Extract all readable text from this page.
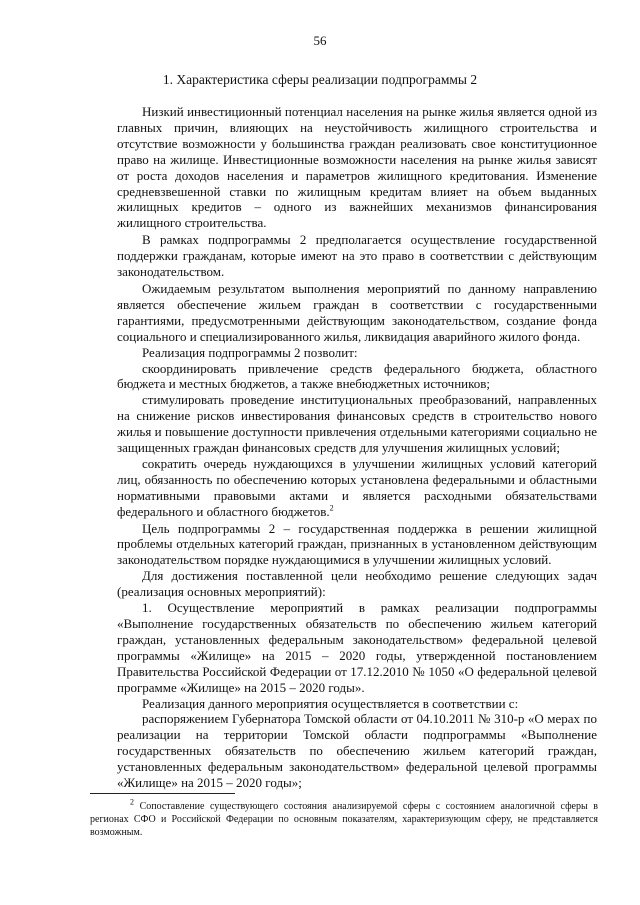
56
1. Характеристика сферы реализации подпрограммы 2

Низкий инвестиционный потенциал населения на рынке жилья является одной из главных причин, влияющих на неустойчивость жилищного строительства и отсутствие возможности у большинства граждан реализовать свое конституционное право на жилище. Инвестиционные возможности населения на рынке жилья зависят от роста доходов населения и параметров жилищного кредитования. Изменение средневзвешенной ставки по жилищным кредитам влияет на объем выданных жилищных кредитов – одного из важнейших механизмов финансирования жилищного строительства.

В рамках подпрограммы 2 предполагается осуществление государственной поддержки гражданам, которые имеют на это право в соответствии с действующим законодательством.

Ожидаемым результатом выполнения мероприятий по данному направлению является обеспечение жильем граждан в соответствии с государственными гарантиями, предусмотренными действующим законодательством, создание фонда социального и специализированного жилья, ликвидация аварийного жилого фонда.

Реализация подпрограммы 2 позволит:

скоординировать привлечение средств федерального бюджета, областного бюджета и местных бюджетов, а также внебюджетных источников;

стимулировать проведение институциональных преобразований, направленных на снижение рисков инвестирования финансовых средств в строительство нового жилья и повышение доступности привлечения отдельными категориями социально не защищенных граждан финансовых средств для улучшения жилищных условий;

сократить очередь нуждающихся в улучшении жилищных условий категорий лиц, обязанность по обеспечению которых установлена федеральными и областными нормативными правовыми актами и является расходными обязательствами федерального и областного бюджетов.$^2$

Цель подпрограммы 2 – государственная поддержка в решении жилищной проблемы отдельных категорий граждан, признанных в установленном действующим законодательством порядке нуждающимися в улучшении жилищных условий.

Для достижения поставленной цели необходимо решение следующих задач (реализация основных мероприятий):

1. Осуществление мероприятий в рамках реализации подпрограммы «Выполнение государственных обязательств по обеспечению жильем категорий граждан, установленных федеральным законодательством» федеральной целевой программы «Жилище» на 2015 – 2020 годы, утвержденной постановлением Правительства Российской Федерации от 17.12.2010 № 1050 «О федеральной целевой программе «Жилище» на 2015 – 2020 годы».

Реализация данного мероприятия осуществляется в соответствии с:

распоряжением Губернатора Томской области от 04.10.2011 № 310-р «О мерах по реализации на территории Томской области подпрограммы «Выполнение государственных обязательств по обеспечению жильем категорий граждан, установленных федеральным законодательством» федеральной целевой программы «Жилище» на 2015 – 2020 годы»;

$^2$ Сопоставление существующего состояния анализируемой сферы с состоянием аналогичной сферы в регионах СФО и Российской Федерации по основным показателям, характеризующим сферу, не представляется возможным.
